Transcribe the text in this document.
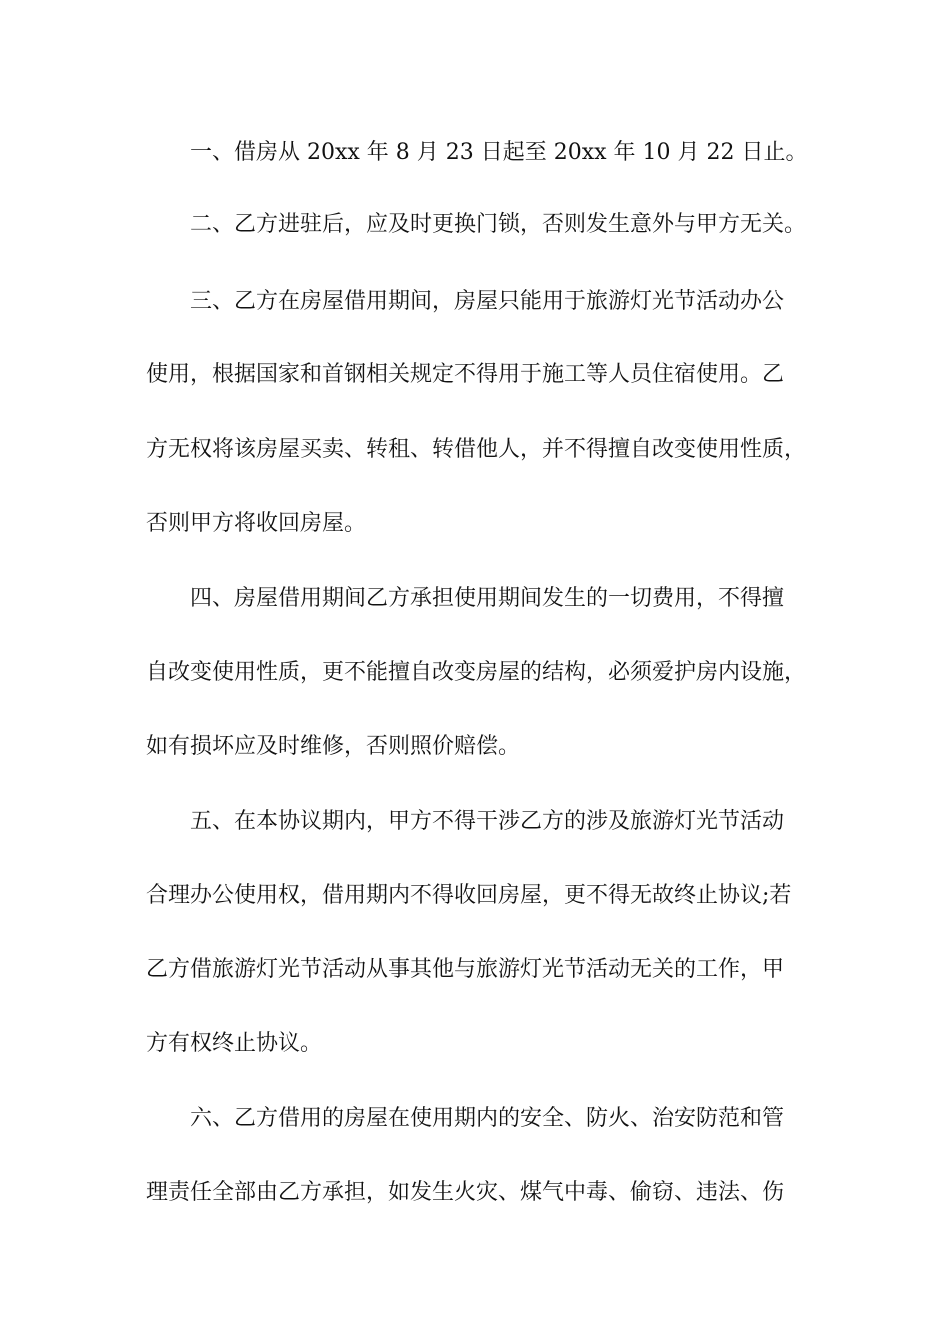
一、借房从 20xx 年 8 月 23 日起至 20xx 年 10 月 22 日止。

二、乙方进驻后，应及时更换门锁，否则发生意外与甲方无关。

三、乙方在房屋借用期间，房屋只能用于旅游灯光节活动办公

使用，根据国家和首钢相关规定不得用于施工等人员住宿使用。乙

方无权将该房屋买卖、转租、转借他人，并不得擅自改变使用性质，

否则甲方将收回房屋。

四、房屋借用期间乙方承担使用期间发生的一切费用，不得擅

自改变使用性质，更不能擅自改变房屋的结构，必须爱护房内设施，

如有损坏应及时维修，否则照价赔偿。

五、在本协议期内，甲方不得干涉乙方的涉及旅游灯光节活动

合理办公使用权，借用期内不得收回房屋，更不得无故终止协议;若

乙方借旅游灯光节活动从事其他与旅游灯光节活动无关的工作，甲

方有权终止协议。

六、乙方借用的房屋在使用期内的安全、防火、治安防范和管

理责任全部由乙方承担，如发生火灾、煤气中毒、偷窃、违法、伤
